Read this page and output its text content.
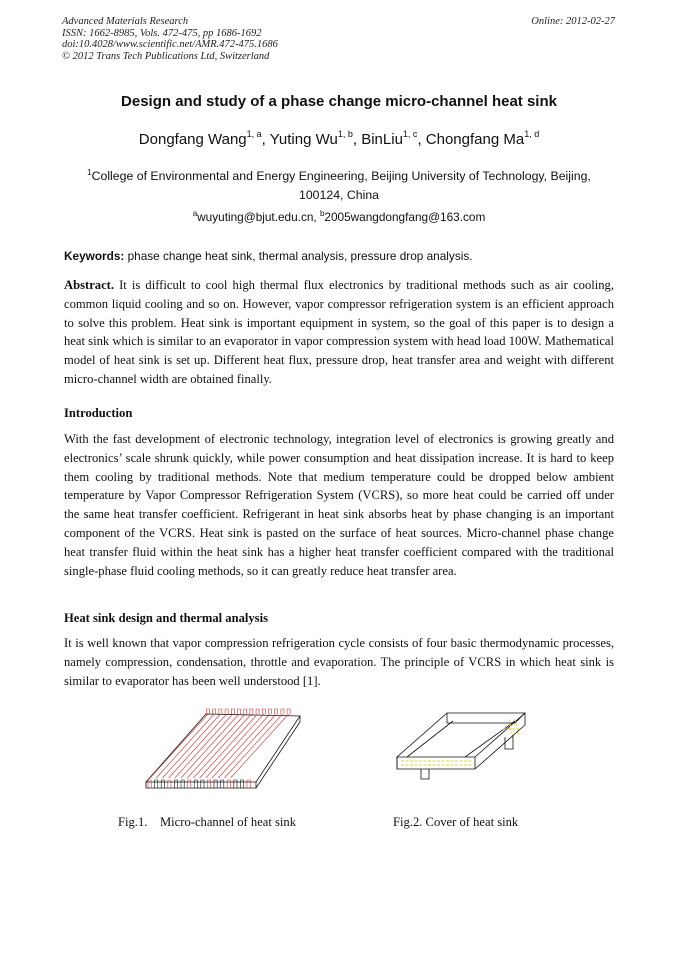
Advanced Materials Research
ISSN: 1662-8985, Vols. 472-475, pp 1686-1692
doi:10.4028/www.scientific.net/AMR.472-475.1686
© 2012 Trans Tech Publications Ltd, Switzerland
Online: 2012-02-27
Design and study of a phase change micro-channel heat sink
Dongfang Wang$^{1, a}$, Yuting Wu$^{1, b}$, BinLiu$^{1, c}$, Chongfang Ma$^{1, d}$
$^1$College of Environmental and Energy Engineering, Beijing University of Technology, Beijing, 100124, China
$^a$wuyuting@bjut.edu.cn, $^b$2005wangdongfang@163.com
Keywords: phase change heat sink, thermal analysis, pressure drop analysis.
Abstract. It is difficult to cool high thermal flux electronics by traditional methods such as air cooling, common liquid cooling and so on. However, vapor compressor refrigeration system is an efficient approach to solve this problem. Heat sink is important equipment in system, so the goal of this paper is to design a heat sink which is similar to an evaporator in vapor compression system with head load 100W. Mathematical model of heat sink is set up. Different heat flux, pressure drop, heat transfer area and weight with different micro-channel width are obtained finally.
Introduction
With the fast development of electronic technology, integration level of electronics is growing greatly and electronics’ scale shrunk quickly, while power consumption and heat dissipation increase. It is hard to keep them cooling by traditional methods. Note that medium temperature could be dropped below ambient temperature by Vapor Compressor Refrigeration System (VCRS), so more heat could be carried off under the same heat transfer coefficient. Refrigerant in heat sink absorbs heat by phase changing is an important component of the VCRS. Heat sink is pasted on the surface of heat sources. Micro-channel phase change heat transfer fluid within the heat sink has a higher heat transfer coefficient compared with the traditional single-phase fluid cooling methods, so it can greatly reduce heat transfer area.
Heat sink design and thermal analysis
It is well known that vapor compression refrigeration cycle consists of four basic thermodynamic processes, namely compression, condensation, throttle and evaporation. The principle of VCRS in which heat sink is similar to evaporator has been well understood [1].
Fig.1.    Micro-channel of heat sink	Fig.2. Cover of heat sink
